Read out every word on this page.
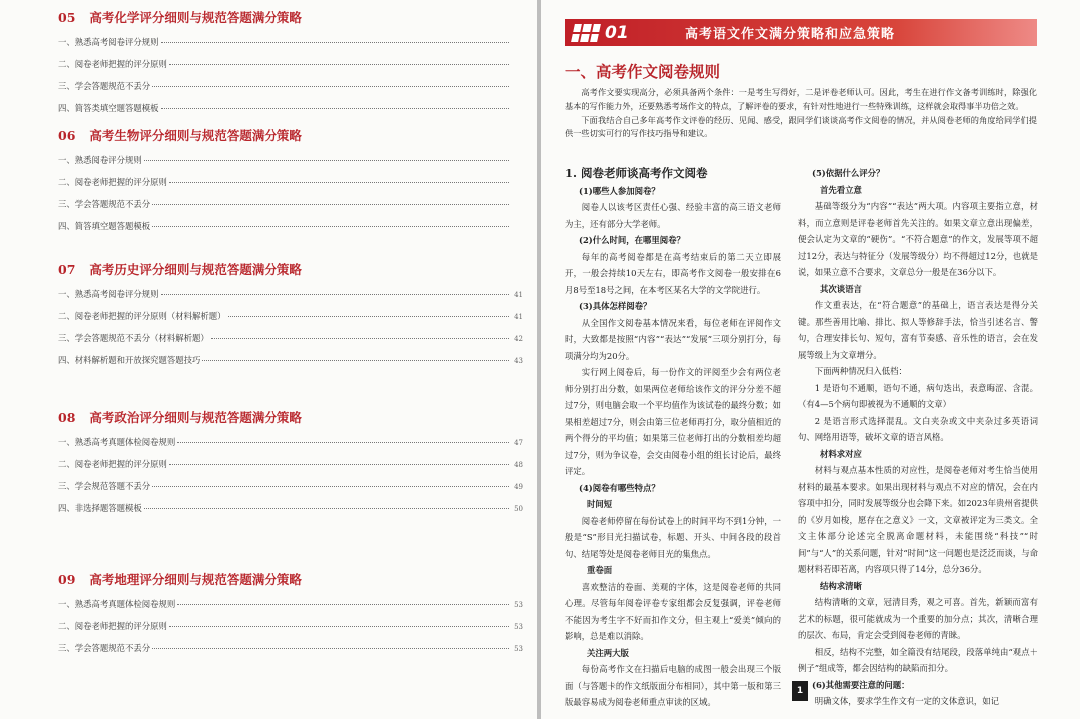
05 高考化学评分细则与规范答题满分策略
一、熟悉高考阅卷评分规则
二、阅卷老师把握的评分原则
三、学会答题规范不丢分
四、简答类填空题答题模板
06 高考生物评分细则与规范答题满分策略
一、熟悉阅卷评分规则
二、阅卷老师把握的评分原则
三、学会答题规范不丢分
四、简答填空题答题模板
07 高考历史评分细则与规范答题满分策略
一、熟悉高考阅卷评分规则	41
二、阅卷老师把握的评分原则（材料解析题）	41
三、学会答题规范不丢分（材料解析题）	42
四、材料解析题和开放探究题答题技巧	43
08 高考政治评分细则与规范答题满分策略
一、熟悉高考真题体检阅卷规则	47
二、阅卷老师把握的评分原则	48
三、学会规范答题不丢分	49
四、非选择题答题模板	50
09 高考地理评分细则与规范答题满分策略
一、熟悉高考真题体检阅卷规则	53
二、阅卷老师把握的评分原则	53
三、学会答题规范不丢分	53
01	高考语文作文满分策略和应急策略
一、高考作文阅卷规则

高考作文要实现高分，必须具备两个条件：一是考生写得好，二是评卷老师认可。因此，考生在进行作文备考训练时，除强化基本的写作能力外，还要熟悉考场作文的特点，了解评卷的要求，有针对性地进行一些特殊训练，这样就会取得事半功倍之效。

下面我结合自己多年高考作文评卷的经历、见闻、感受，跟同学们谈谈高考作文阅卷的情况，并从阅卷老师的角度给同学们提供一些切实可行的写作技巧指导和建议。

1. 阅卷老师谈高考作文阅卷

(1)哪些人参加阅卷？

阅卷人以该考区责任心强、经验丰富的高三语文老师为主，还有部分大学老师。

(2)什么时间，在哪里阅卷？

每年的高考阅卷都是在高考结束后的第二天立即展开，一般会持续10天左右，即高考作文阅卷一般安排在6月8号至18号之间，在本考区某名大学的文学院进行。

(3)具体怎样阅卷？

从全国作文阅卷基本情况来看，每位老师在评阅作文时，大致都是按照“内容”“表达”“发展”三项分别打分，每项满分均为20分。

实行网上阅卷后，每一份作文的评阅至少会有两位老师分别打出分数，如果两位老师给该作文的评分分差不超过7分，则电脑会取一个平均值作为该试卷的最终分数；如果相差超过7分，则会由第三位老师再打分，取分值相近的两个得分的平均值；如果第三位老师打出的分数相差均超过7分，则为争议卷，会交由阅卷小组的组长讨论后，最终评定。

(4)阅卷有哪些特点？

时间短

阅卷老师停留在每份试卷上的时间平均不到1分钟，一般是“S”形目光扫描试卷，标题、开头、中间各段的段首句、结尾等处是阅卷老师目光的集焦点。

重卷面

喜欢整洁的卷面、美观的字体，这是阅卷老师的共同心理。尽管每年阅卷评卷专家组都会反复强调，评卷老师不能因为考生字不好而扣作文分，但主观上“爱美”倾向的影响，总是难以消除。

关注两大版

每份高考作文在扫描后电脑的成图一般会出现三个版面（与答题卡的作文纸版面分布相同），其中第一版和第三版最容易成为阅卷老师重点审读的区域。

(5)依据什么评分？

首先看立意

基础等级分为“内容”“表达”两大项。内容项主要指立意，材料，而立意则是评卷老师首先关注的。如果文章立意出现偏差，便会认定为文章的“硬伤”。“不符合题意”的作文，发展等项不超过12分，表达与特征分（发展等级分）均不得超过12分，也就是说，如果立意不合要求，文章总分一般是在36分以下。

其次谈语言

作文重表达，在“符合题意”的基础上，语言表达是得分关键。那些善用比喻、排比、拟人等修辞手法，恰当引述名言、警句，合理安排长句、短句，富有节奏感、音乐性的语言，会在发展等级上为文章增分。

下面两种情况归入低档：

1 是语句不通顺，语句不通，病句迭出，表意晦涩、含混。（有4—5个病句即被视为不通顺的文章）

2 是语言形式选择混乱。文白夹杂或文中夹杂过多英语词句、网络用语等，破坏文章的语言风格。

材料求对应

材料与观点基本性质的对应性，是阅卷老师对考生恰当使用材料的最基本要求。如果出现材料与观点不对应的情况，会在内容项中扣分，同时发展等级分也会降下来。如2023年贵州省提供的《岁月如梭，愿存在之意义》一文，文章被评定为三类文。全文主体部分论述完全脱离命题材料，未能围绕“科技”“时间”与“人”的关系问题，针对“时间”这一问题也是泛泛而谈，与命题材料若即若离，内容项只得了14分，总分36分。

结构求清晰

结构清晰的文章，冠清目秀，观之可喜。首先，新颖而富有艺术的标题，很可能就成为一个重要的加分点；其次，清晰合理的层次、布局，肯定会受到阅卷老师的青睐。

相反，结构不完整，如全篇没有结尾段，段落单纯由“观点＋例子”组成等，都会因结构的缺陷而扣分。

(6)其他需要注意的问题：

明确文体，要求学生作文有一定的文体意识，如记

1
